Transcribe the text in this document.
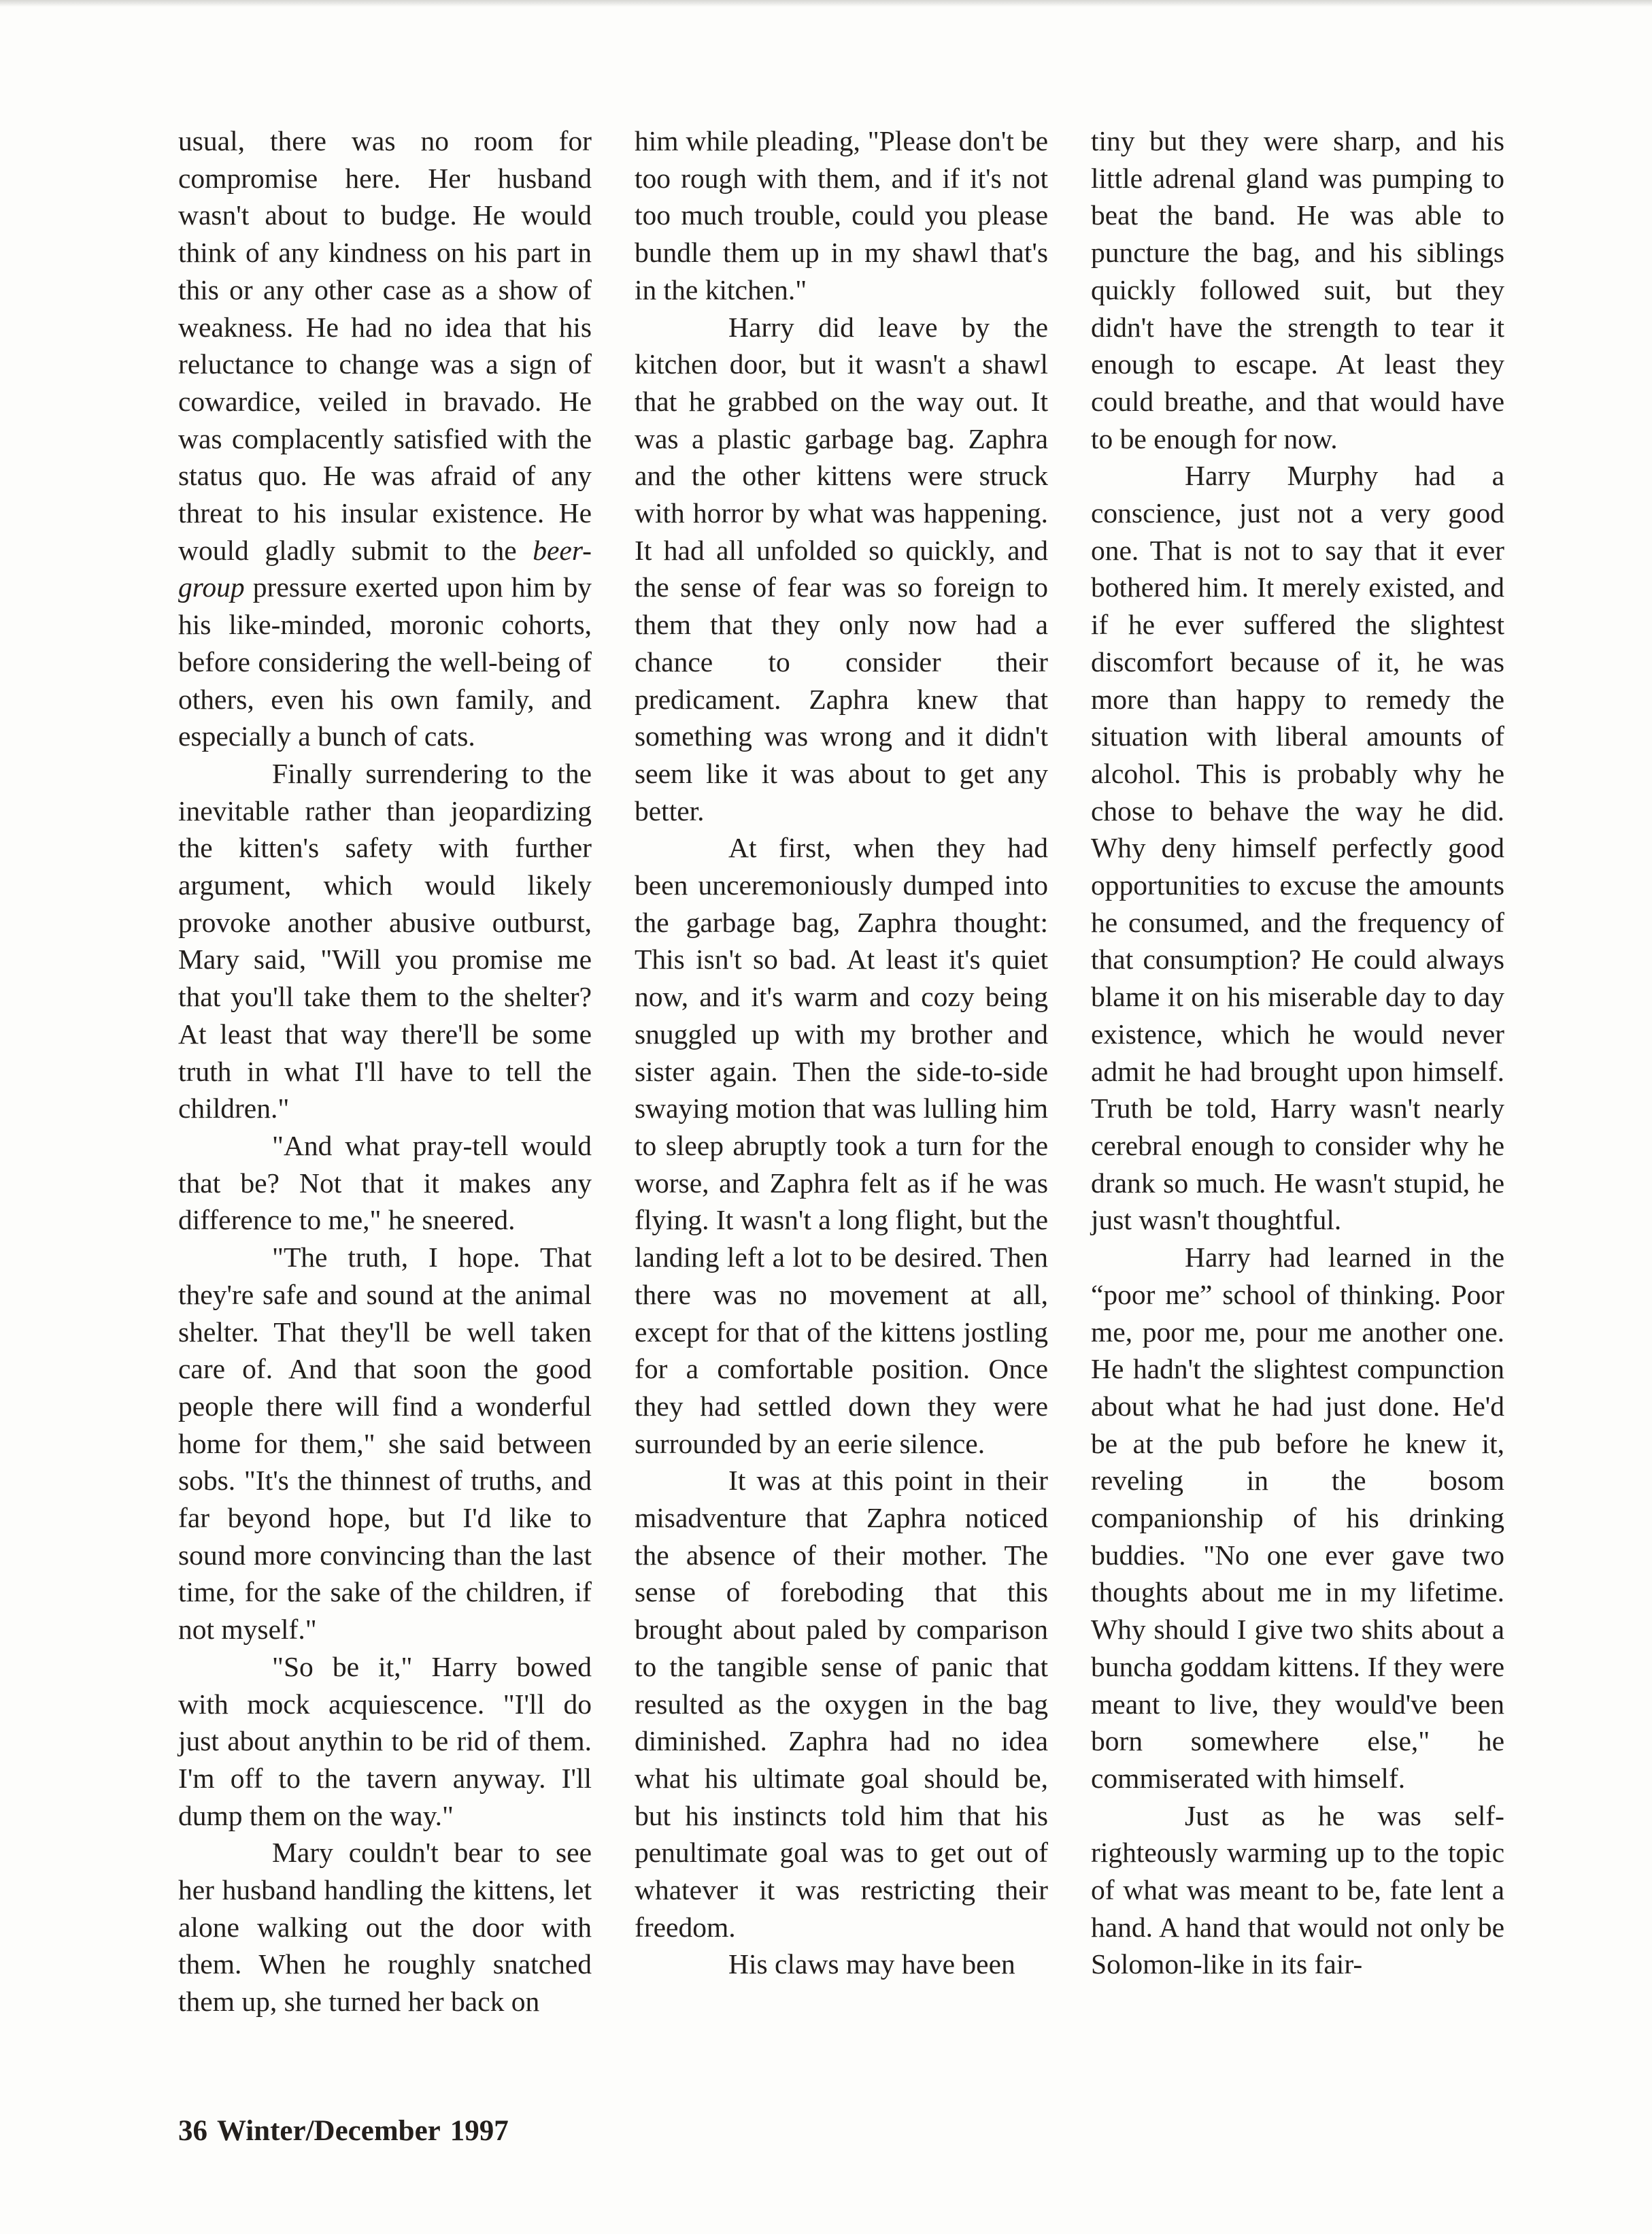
usual, there was no room for compromise here. Her husband wasn't about to budge. He would think of any kindness on his part in this or any other case as a show of weakness. He had no idea that his reluctance to change was a sign of cowardice, veiled in bravado. He was complacently satisfied with the status quo. He was afraid of any threat to his insular existence. He would gladly submit to the beer-group pressure exerted upon him by his like-minded, moronic cohorts, before considering the well-being of others, even his own family, and especially a bunch of cats.

Finally surrendering to the inevitable rather than jeopardizing the kitten's safety with further argument, which would likely provoke another abusive outburst, Mary said, "Will you promise me that you'll take them to the shelter? At least that way there'll be some truth in what I'll have to tell the children."

"And what pray-tell would that be? Not that it makes any difference to me," he sneered.

"The truth, I hope. That they're safe and sound at the animal shelter. That they'll be well taken care of. And that soon the good people there will find a wonderful home for them," she said between sobs. "It's the thinnest of truths, and far beyond hope, but I'd like to sound more convincing than the last time, for the sake of the children, if not myself."

"So be it," Harry bowed with mock acquiescence. "I'll do just about anythin to be rid of them. I'm off to the tavern anyway. I'll dump them on the way."

Mary couldn't bear to see her husband handling the kittens, let alone walking out the door with them. When he roughly snatched them up, she turned her back on

him while pleading, "Please don't be too rough with them, and if it's not too much trouble, could you please bundle them up in my shawl that's in the kitchen."

Harry did leave by the kitchen door, but it wasn't a shawl that he grabbed on the way out. It was a plastic garbage bag. Zaphra and the other kittens were struck with horror by what was happening. It had all unfolded so quickly, and the sense of fear was so foreign to them that they only now had a chance to consider their predicament. Zaphra knew that something was wrong and it didn't seem like it was about to get any better.

At first, when they had been unceremoniously dumped into the garbage bag, Zaphra thought: This isn't so bad. At least it's quiet now, and it's warm and cozy being snuggled up with my brother and sister again. Then the side-to-side swaying motion that was lulling him to sleep abruptly took a turn for the worse, and Zaphra felt as if he was flying. It wasn't a long flight, but the landing left a lot to be desired. Then there was no movement at all, except for that of the kittens jostling for a comfortable position. Once they had settled down they were surrounded by an eerie silence.

It was at this point in their misadventure that Zaphra noticed the absence of their mother. The sense of foreboding that this brought about paled by comparison to the tangible sense of panic that resulted as the oxygen in the bag diminished. Zaphra had no idea what his ultimate goal should be, but his instincts told him that his penultimate goal was to get out of whatever it was restricting their freedom.

His claws may have been

tiny but they were sharp, and his little adrenal gland was pumping to beat the band. He was able to puncture the bag, and his siblings quickly followed suit, but they didn't have the strength to tear it enough to escape. At least they could breathe, and that would have to be enough for now.

Harry Murphy had a conscience, just not a very good one. That is not to say that it ever bothered him. It merely existed, and if he ever suffered the slightest discomfort because of it, he was more than happy to remedy the situation with liberal amounts of alcohol. This is probably why he chose to behave the way he did. Why deny himself perfectly good opportunities to excuse the amounts he consumed, and the frequency of that consumption? He could always blame it on his miserable day to day existence, which he would never admit he had brought upon himself. Truth be told, Harry wasn't nearly cerebral enough to consider why he drank so much. He wasn't stupid, he just wasn't thoughtful.

Harry had learned in the “poor me” school of thinking. Poor me, poor me, pour me another one. He hadn't the slightest compunction about what he had just done. He'd be at the pub before he knew it, reveling in the bosom companionship of his drinking buddies. "No one ever gave two thoughts about me in my lifetime. Why should I give two shits about a buncha goddam kittens. If they were meant to live, they would've been born somewhere else," he commiserated with himself.

Just as he was self-righteously warming up to the topic of what was meant to be, fate lent a hand. A hand that would not only be Solomon-like in its fair-

36 Winter/December 1997
